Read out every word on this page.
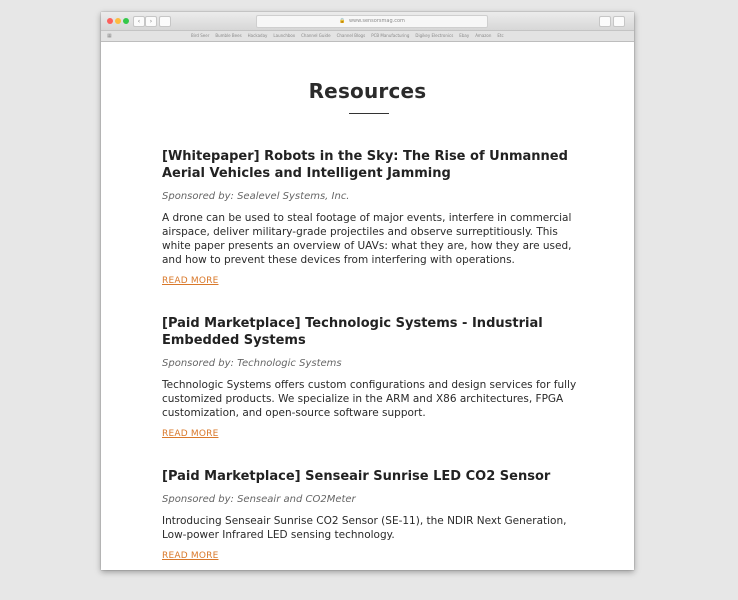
‹	›	🔒 www.sensorsmag.com
▦	Bird Seer Bumble Bees Hackaday Launchbox Channel Guide Channel Blogs PCB Manufacturing Digikey Electronics Ebay Amazon Etc
Resources
[Whitepaper] Robots in the Sky: The Rise of Unmanned Aerial Vehicles and Intelligent Jamming

Sponsored by: Sealevel Systems, Inc.

A drone can be used to steal footage of major events, interfere in commercial airspace, deliver military-grade projectiles and observe surreptitiously. This white paper presents an overview of UAVs: what they are, how they are used, and how to prevent these devices from interfering with operations.

READ MORE
[Paid Marketplace] Technologic Systems - Industrial Embedded Systems

Sponsored by: Technologic Systems

Technologic Systems offers custom configurations and design services for fully customized products. We specialize in the ARM and X86 architectures, FPGA customization, and open-source software support.

READ MORE
[Paid Marketplace] Senseair Sunrise LED CO2 Sensor

Sponsored by: Senseair and CO2Meter

Introducing Senseair Sunrise CO2 Sensor (SE-11), the NDIR Next Generation, Low-power Infrared LED sensing technology.

READ MORE
